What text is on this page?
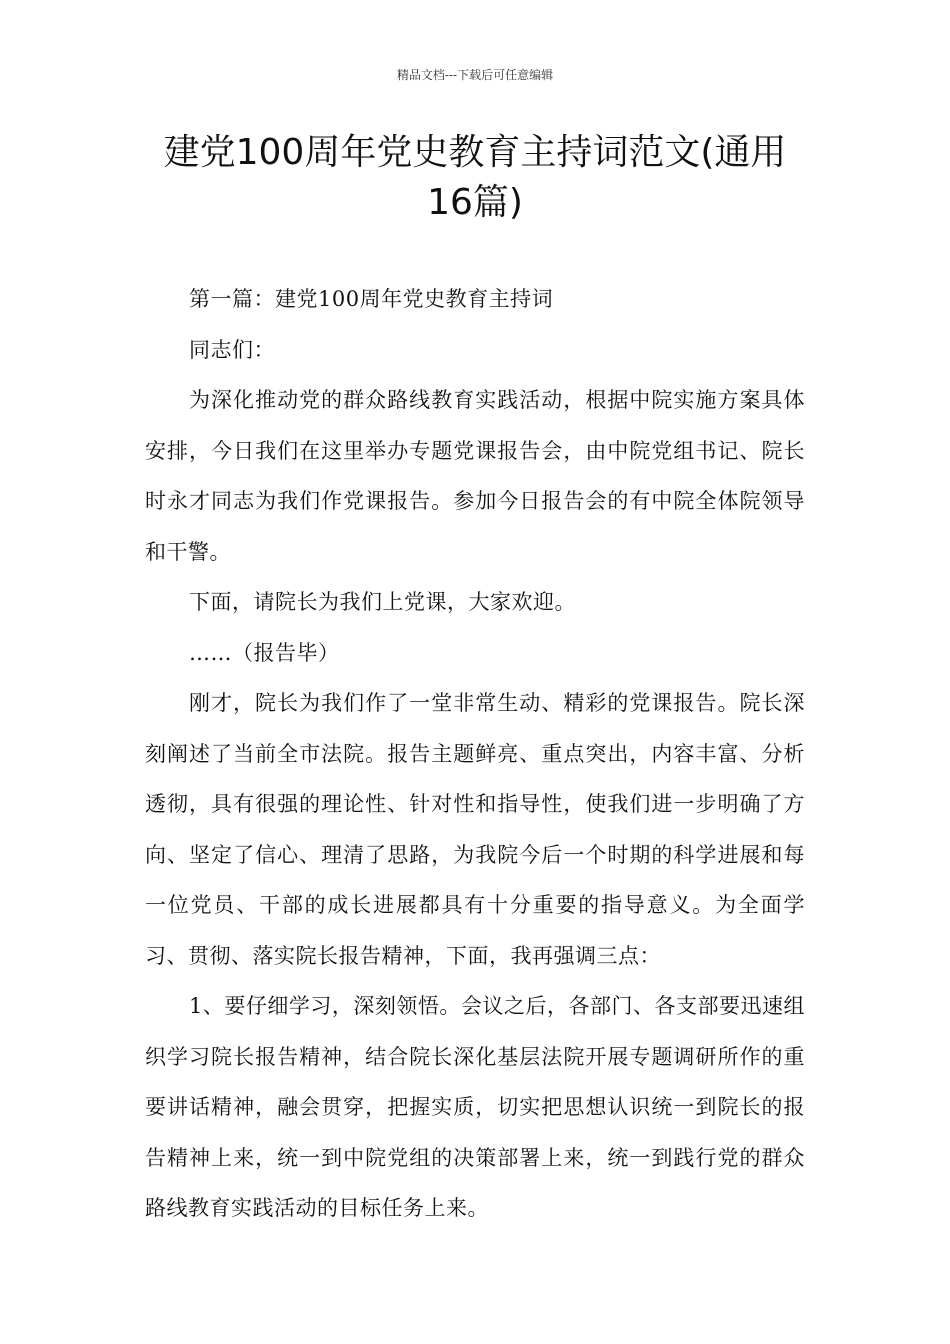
精品文档---下载后可任意编辑
建党100周年党史教育主持词范文(通用16篇)

第一篇：建党100周年党史教育主持词

同志们：

为深化推动党的群众路线教育实践活动，根据中院实施方案具体安排，今日我们在这里举办专题党课报告会，由中院党组书记、院长时永才同志为我们作党课报告。参加今日报告会的有中院全体院领导和干警。

下面，请院长为我们上党课，大家欢迎。

……（报告毕）

刚才，院长为我们作了一堂非常生动、精彩的党课报告。院长深刻阐述了当前全市法院。报告主题鲜亮、重点突出，内容丰富、分析透彻，具有很强的理论性、针对性和指导性，使我们进一步明确了方向、坚定了信心、理清了思路，为我院今后一个时期的科学进展和每一位党员、干部的成长进展都具有十分重要的指导意义。为全面学习、贯彻、落实院长报告精神，下面，我再强调三点：

1、要仔细学习，深刻领悟。会议之后，各部门、各支部要迅速组织学习院长报告精神，结合院长深化基层法院开展专题调研所作的重要讲话精神，融会贯穿，把握实质，切实把思想认识统一到院长的报告精神上来，统一到中院党组的决策部署上来，统一到践行党的群众路线教育实践活动的目标任务上来。
